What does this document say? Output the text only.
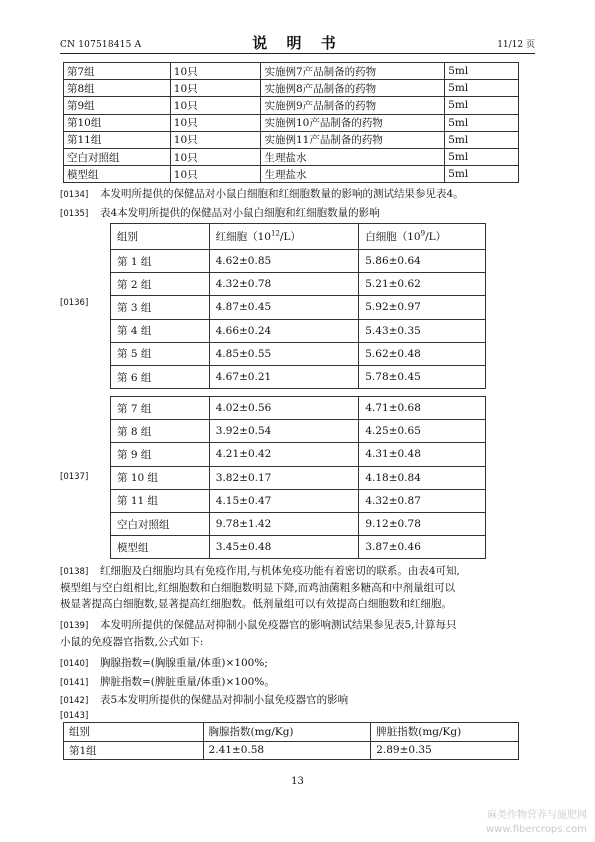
CN 107518415 A	说 明 书	11/12 页
第7组	10只	实施例7产品制备的药物	5ml
第8组	10只	实施例8产品制备的药物	5ml
第9组	10只	实施例9产品制备的药物	5ml
第10组	10只	实施例10产品制备的药物	5ml
第11组	10只	实施例11产品制备的药物	5ml
空白对照组	10只	生理盐水	5ml
模型组	10只	生理盐水	5ml
[0134] 本发明所提供的保健品对小鼠白细胞和红细胞数量的影响的测试结果参见表4。
[0135] 表4本发明所提供的保健品对小鼠白细胞和红细胞数量的影响
[0136]
组别	红细胞$(10^{12}/L)$	白细胞$(10^9/L)$
第 1 组	4.62±0.85	5.86±0.64
第 2 组	4.32±0.78	5.21±0.62
第 3 组	4.87±0.45	5.92±0.97
第 4 组	4.66±0.24	5.43±0.35
第 5 组	4.85±0.55	5.62±0.48
第 6 组	4.67±0.21	5.78±0.45
[0137]
第 7 组	4.02±0.56	4.71±0.68
第 8 组	3.92±0.54	4.25±0.65
第 9 组	4.21±0.42	4.31±0.48
第 10 组	3.82±0.17	4.18±0.84
第 11 组	4.15±0.47	4.32±0.87
空白对照组	9.78±1.42	9.12±0.78
模型组	3.45±0.48	3.87±0.46
[0138] 红细胞及白细胞均具有免疫作用,与机体免疫功能有着密切的联系。由表4可知,
模型组与空白组相比,红细胞数和白细胞数明显下降,而鸡油菌粗多糖高和中剂量组可以
极显著提高白细胞数,显著提高红细胞数。低剂量组可以有效提高白细胞数和红细胞。
[0139] 本发明所提供的保健品对抑制小鼠免疫器官的影响测试结果参见表5,计算每只
小鼠的免疫器官指数,公式如下:
[0140] 胸腺指数=(胸腺重量/体重)×100%;
[0141] 脾脏指数=(脾脏重量/体重)×100%。
[0142] 表5本发明所提供的保健品对抑制小鼠免疫器官的影响
[0143]
组别	胸腺指数(mg/Kg)	脾脏指数(mg/Kg)
第1组	2.41±0.58	2.89±0.35
13
麻类作物营养与施肥网
www.fibercrops.com
